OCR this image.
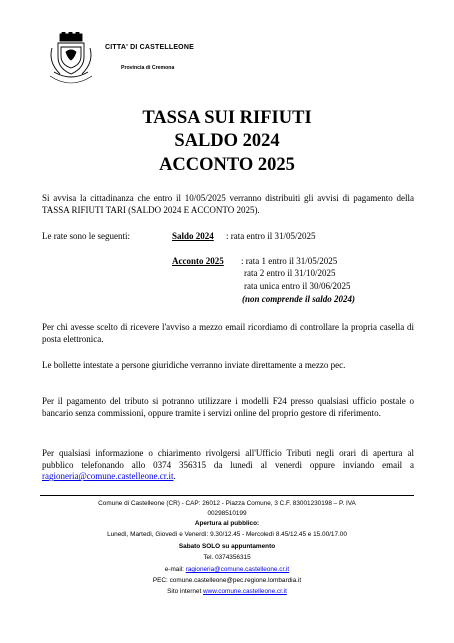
CITTA' DI CASTELLEONE
Provincia di Cremona
TASSA SUI RIFIUTI
SALDO 2024
ACCONTO 2025
Si avvisa la cittadinanza che entro il 10/05/2025 verranno distribuiti gli avvisi di pagamento della TASSA RIFIUTI TARI (SALDO 2024 E ACCONTO 2025).
Le rate sono le seguenti:	Saldo 2024 : rata entro il 31/05/2025
Acconto 2025 : rata 1 entro il 31/05/2025
rata 2 entro il 31/10/2025
rata unica entro il 30/06/2025
(non comprende il saldo 2024)
Per chi avesse scelto di ricevere l'avviso a mezzo email ricordiamo di controllare la propria casella di posta elettronica.
Le bollette intestate a persone giuridiche verranno inviate direttamente a mezzo pec.
Per il pagamento del tributo si potranno utilizzare i modelli F24 presso qualsiasi ufficio postale o bancario senza commissioni, oppure tramite i servizi online del proprio gestore di riferimento.
Per qualsiasi informazione o chiarimento rivolgersi all'Ufficio Tributi negli orari di apertura al pubblico telefonando allo 0374 356315 da lunedì al venerdì oppure inviando email a ragioneria@comune.castelleone.cr.it.
Comune di Castelleone (CR) - CAP: 26012 - Piazza Comune, 3 C.F. 83001230198 – P. IVA
00298510199
Apertura al pubblico:
Lunedì, Martedì, Giovedì e Venerdì: 9.30/12.45 - Mercoledì 8.45/12.45 e 15.00/17.00
Sabato SOLO su appuntamento
Tel. 0374356315
e-mail: ragioneria@comune.castelleone.cr.it
PEC: comune.castelleone@pec.regione.lombardia.it
Sito internet www.comune.castelleone.cr.it
